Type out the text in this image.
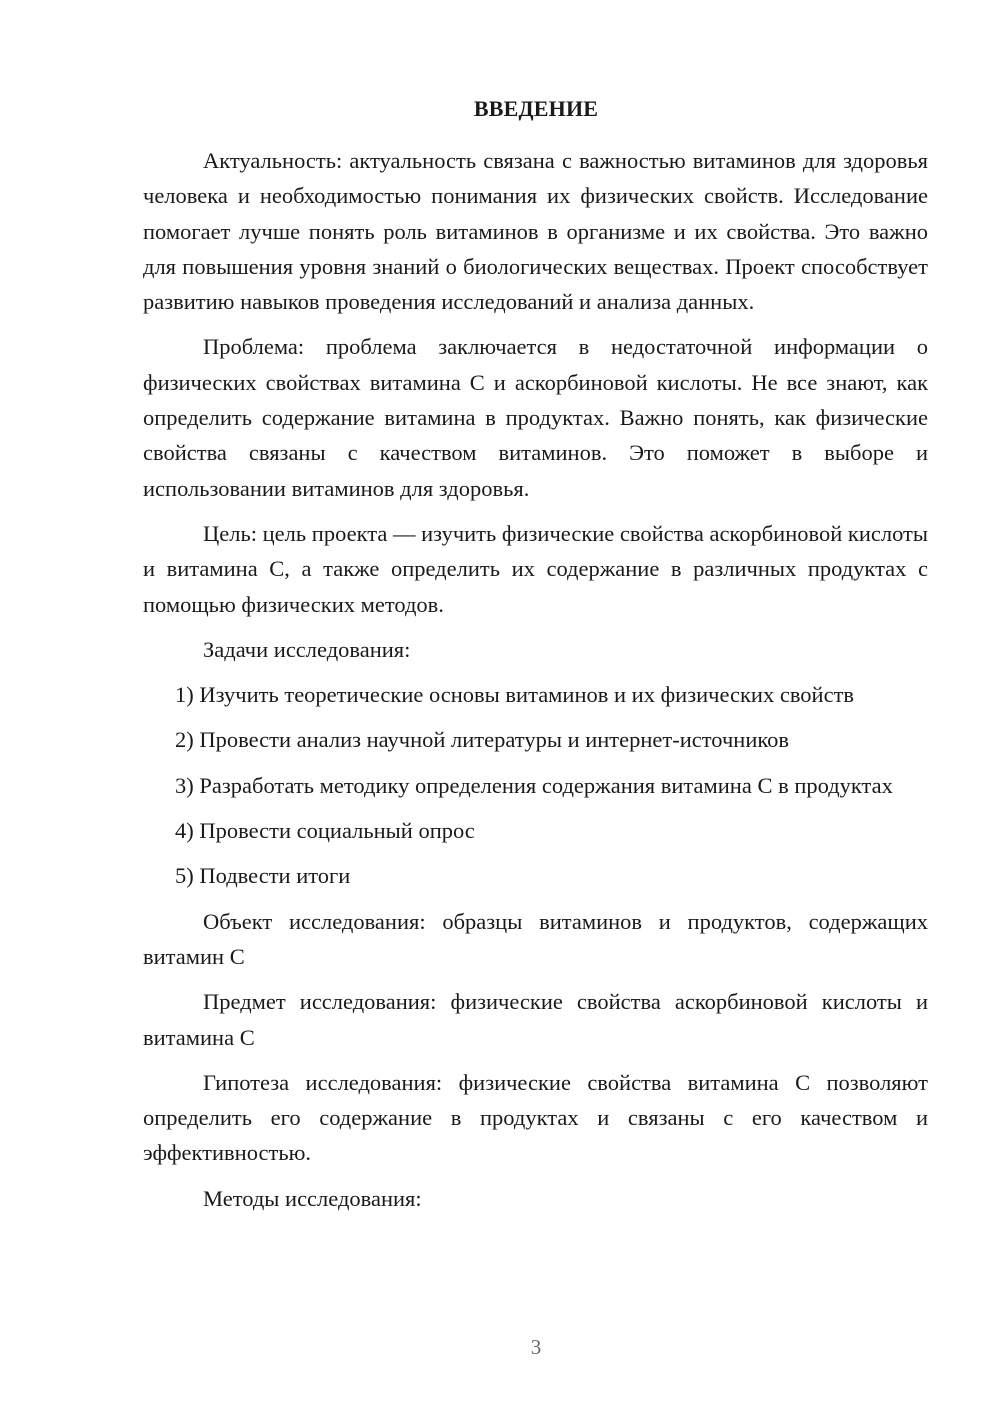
ВВЕДЕНИЕ

Актуальность: актуальность связана с важностью витаминов для здоровья человека и необходимостью понимания их физических свойств. Исследование помогает лучше понять роль витаминов в организме и их свойства. Это важно для повышения уровня знаний о биологических веществах. Проект способствует развитию навыков проведения исследований и анализа данных.

Проблема: проблема заключается в недостаточной информации о физических свойствах витамина С и аскорбиновой кислоты. Не все знают, как определить содержание витамина в продуктах. Важно понять, как физические свойства связаны с качеством витаминов. Это поможет в выборе и использовании витаминов для здоровья.

Цель: цель проекта — изучить физические свойства аскорбиновой кислоты и витамина С, а также определить их содержание в различных продуктах с помощью физических методов.

Задачи исследования:

1) Изучить теоретические основы витаминов и их физических свойств

2) Провести анализ научной литературы и интернет-источников

3) Разработать методику определения содержания витамина С в продуктах

4) Провести социальный опрос

5) Подвести итоги

Объект исследования: образцы витаминов и продуктов, содержащих витамин С

Предмет исследования: физические свойства аскорбиновой кислоты и витамина С

Гипотеза исследования: физические свойства витамина С позволяют определить его содержание в продуктах и связаны с его качеством и эффективностью.

Методы исследования:

3
